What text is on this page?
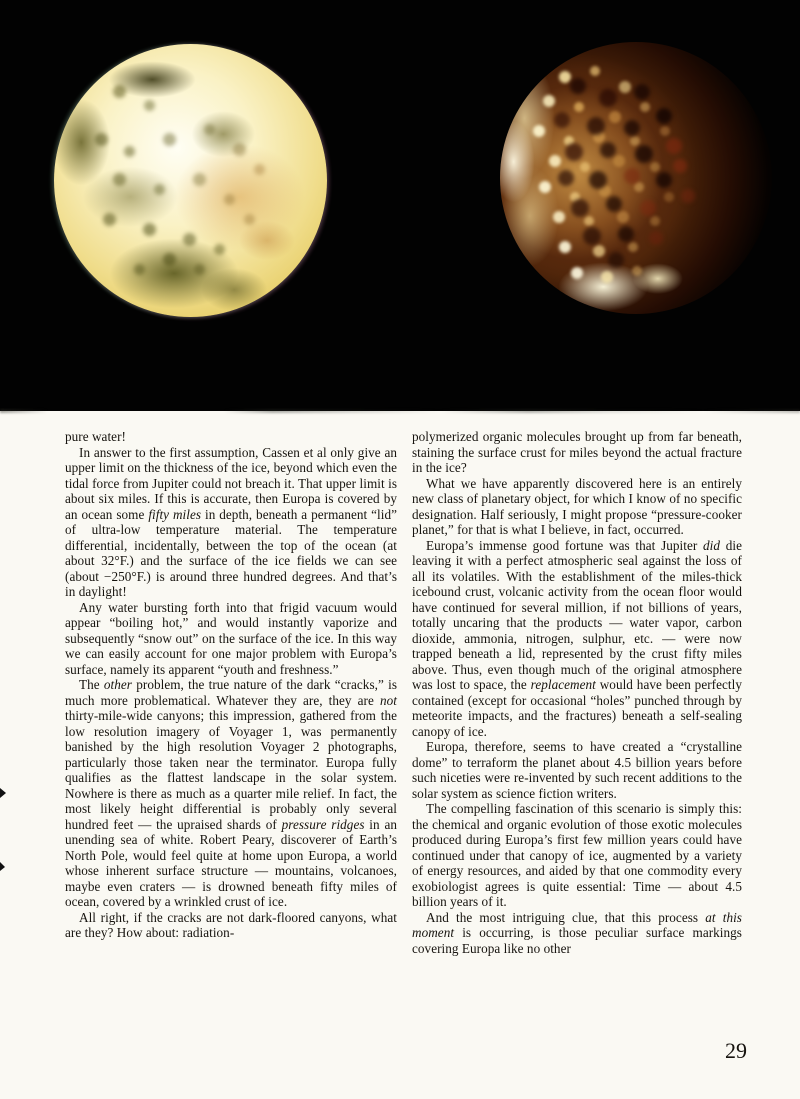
pure water!

In answer to the first assumption, Cassen et al only give an upper limit on the thickness of the ice, beyond which even the tidal force from Jupiter could not breach it. That upper limit is about six miles. If this is accurate, then Europa is covered by an ocean some fifty miles in depth, beneath a permanent “lid” of ultra-low temperature material. The temperature differential, incidentally, between the top of the ocean (at about 32°F.) and the surface of the ice fields we can see (about −250°F.) is around three hundred degrees. And that’s in daylight!

Any water bursting forth into that frigid vacuum would appear “boiling hot,” and would instantly vaporize and subsequently “snow out” on the surface of the ice. In this way we can easily account for one major problem with Europa’s surface, namely its apparent “youth and freshness.”

The other problem, the true nature of the dark “cracks,” is much more problematical. Whatever they are, they are not thirty-mile-wide canyons; this impression, gathered from the low resolution imagery of Voyager 1, was permanently banished by the high resolution Voyager 2 photographs, particularly those taken near the terminator. Europa fully qualifies as the flattest landscape in the solar system. Nowhere is there as much as a quarter mile relief. In fact, the most likely height differential is probably only several hundred feet — the upraised shards of pressure ridges in an unending sea of white. Robert Peary, discoverer of Earth’s North Pole, would feel quite at home upon Europa, a world whose inherent surface structure — mountains, volcanoes, maybe even craters — is drowned beneath fifty miles of ocean, covered by a wrinkled crust of ice.

All right, if the cracks are not dark-floored canyons, what are they? How about: radiation-

polymerized organic molecules brought up from far beneath, staining the surface crust for miles beyond the actual fracture in the ice?

What we have apparently discovered here is an entirely new class of planetary object, for which I know of no specific designation. Half seriously, I might propose “pressure-cooker planet,” for that is what I believe, in fact, occurred.

Europa’s immense good fortune was that Jupiter did die leaving it with a perfect atmospheric seal against the loss of all its volatiles. With the establishment of the miles-thick icebound crust, volcanic activity from the ocean floor would have continued for several million, if not billions of years, totally uncaring that the products — water vapor, carbon dioxide, ammonia, nitrogen, sulphur, etc. — were now trapped beneath a lid, represented by the crust fifty miles above. Thus, even though much of the original atmosphere was lost to space, the replacement would have been perfectly contained (except for occasional “holes” punched through by meteorite impacts, and the fractures) beneath a self-sealing canopy of ice.

Europa, therefore, seems to have created a “crystalline dome” to terraform the planet about 4.5 billion years before such niceties were re-invented by such recent additions to the solar system as science fiction writers.

The compelling fascination of this scenario is simply this: the chemical and organic evolution of those exotic molecules produced during Europa’s first few million years could have continued under that canopy of ice, augmented by a variety of energy resources, and aided by that one commodity every exobiologist agrees is quite essential: Time — about 4.5 billion years of it.

And the most intriguing clue, that this process at this moment is occurring, is those peculiar surface markings covering Europa like no other

29
